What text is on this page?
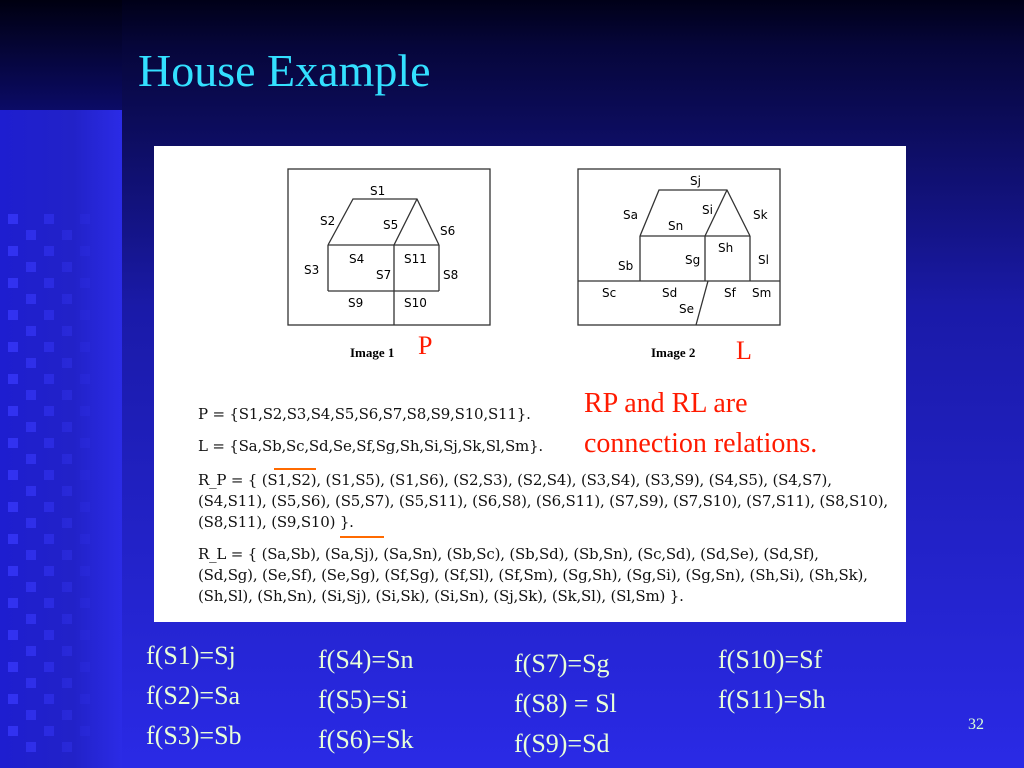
House Example
S1
S2
S3
S4
S5	S6
S7	S8
S9	S10
S11
Sj
Sa
Sn
Si	Sk
Sb	Sg
Sh
Sl
Sc	Sd
Se
Sf Sm
Image 1 P	Image 2 L
RP and RL are
connection relations.
P = {S1,S2,S3,S4,S5,S6,S7,S8,S9,S10,S11}.
L = {Sa,Sb,Sc,Sd,Se,Sf,Sg,Sh,Si,Sj,Sk,Sl,Sm}.
R_P = { (S1,S2), (S1,S5), (S1,S6), (S2,S3), (S2,S4), (S3,S4), (S3,S9), (S4,S5), (S4,S7),
(S4,S11), (S5,S6), (S5,S7), (S5,S11), (S6,S8), (S6,S11), (S7,S9), (S7,S10), (S7,S11), (S8,S10),
(S8,S11), (S9,S10) }.
R_L = { (Sa,Sb), (Sa,Sj), (Sa,Sn), (Sb,Sc), (Sb,Sd), (Sb,Sn), (Sc,Sd), (Sd,Se), (Sd,Sf),
(Sd,Sg), (Se,Sf), (Se,Sg), (Sf,Sg), (Sf,Sl), (Sf,Sm), (Sg,Sh), (Sg,Si), (Sg,Sn), (Sh,Si), (Sh,Sk),
(Sh,Sl), (Sh,Sn), (Si,Sj), (Si,Sk), (Si,Sn), (Sj,Sk), (Sk,Sl), (Sl,Sm) }.
f(S1)=Sj
f(S2)=Sa
f(S3)=Sb
f(S4)=Sn
f(S5)=Si
f(S6)=Sk
f(S7)=Sg
f(S8) = Sl
f(S9)=Sd
f(S10)=Sf
f(S11)=Sh
32
